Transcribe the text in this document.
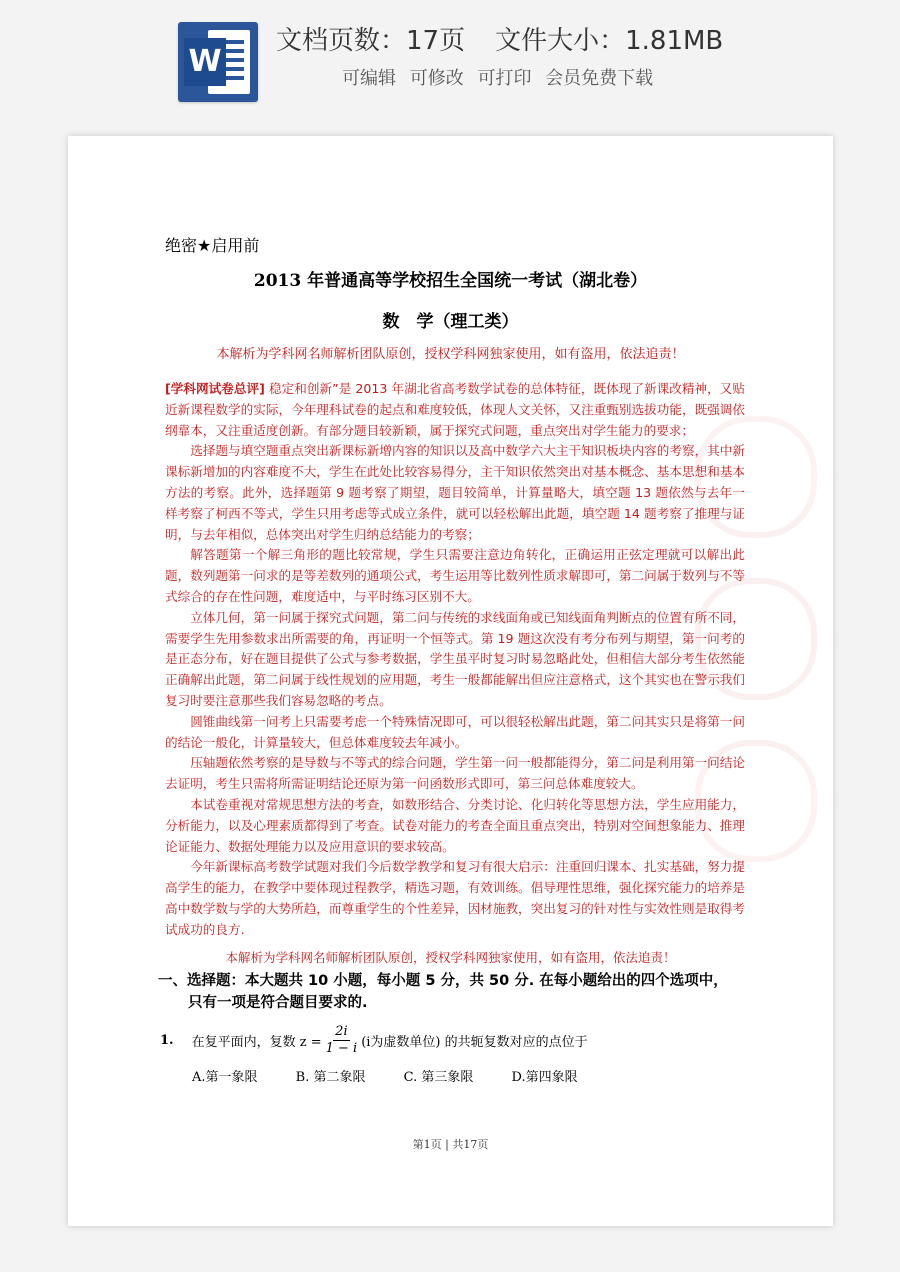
W
文档页数：17页 文件大小：1.81MB
可编辑 可修改 可打印 会员免费下载
绝密★启用前
2013 年普通高等学校招生全国统一考试（湖北卷）
数　学（理工类）
本解析为学科网名师解析团队原创，授权学科网独家使用，如有盗用，依法追责！

[学科网试卷总评] 稳定和创新”是 2013 年湖北省高考数学试卷的总体特征，既体现了新课改精神，又贴近新课程数学的实际，今年理科试卷的起点和难度较低，体现人文关怀，又注重甄别选拔功能，既强调依纲靠本，又注重适度创新。有部分题目较新颖，属于探究式问题，重点突出对学生能力的要求；

选择题与填空题重点突出新课标新增内容的知识以及高中数学六大主干知识板块内容的考察，其中新课标新增加的内容难度不大，学生在此处比较容易得分，主干知识依然突出对基本概念、基本思想和基本方法的考察。此外，选择题第 9 题考察了期望，题目较简单，计算量略大，填空题 13 题依然与去年一样考察了柯西不等式，学生只用考虑等式成立条件，就可以轻松解出此题，填空题 14 题考察了推理与证明，与去年相似，总体突出对学生归纳总结能力的考察；

解答题第一个解三角形的题比较常规，学生只需要注意边角转化，正确运用正弦定理就可以解出此题，数列题第一问求的是等差数列的通项公式，考生运用等比数列性质求解即可，第二问属于数列与不等式综合的存在性问题，难度适中，与平时练习区别不大。

立体几何，第一问属于探究式问题，第二问与传统的求线面角或已知线面角判断点的位置有所不同，需要学生先用参数求出所需要的角，再证明一个恒等式。第 19 题这次没有考分布列与期望，第一问考的是正态分布，好在题目提供了公式与参考数据，学生虽平时复习时易忽略此处，但相信大部分考生依然能正确解出此题，第二问属于线性规划的应用题，考生一般都能解出但应注意格式，这个其实也在警示我们复习时要注意那些我们容易忽略的考点。

圆锥曲线第一问考上只需要考虑一个特殊情况即可，可以很轻松解出此题，第二问其实只是将第一问的结论一般化，计算量较大，但总体难度较去年减小。

压轴题依然考察的是导数与不等式的综合问题，学生第一问一般都能得分，第二问是利用第一问结论去证明，考生只需将所需证明结论还原为第一问函数形式即可，第三问总体难度较大。

本试卷重视对常规思想方法的考查，如数形结合、分类讨论、化归转化等思想方法，学生应用能力，分析能力，以及心理素质都得到了考查。试卷对能力的考查全面且重点突出，特别对空间想象能力、推理论证能力、数据处理能力以及应用意识的要求较高。

今年新课标高考数学试题对我们今后数学教学和复习有很大启示：注重回归课本、扎实基础，努力提高学生的能力，在教学中要体现过程教学，精选习题，有效训练。倡导理性思维，强化探究能力的培养是高中数学数与学的大势所趋，而尊重学生的个性差异，因材施教，突出复习的针对性与实效性则是取得考试成功的良方.

本解析为学科网名师解析团队原创，授权学科网独家使用，如有盗用，依法追责！
一、选择题：本大题共 10 小题，每小题 5 分，共 50 分. 在每小题给出的四个选项中，
只有一项是符合题目要求的.
1. 在复平面内，复数 $z = \frac{2i}{1 - i} (i$为虚数单位) 的共轭复数对应的点位于
A.第一象限	B. 第二象限	C. 第三象限	D.第四象限
第1页 | 共17页
